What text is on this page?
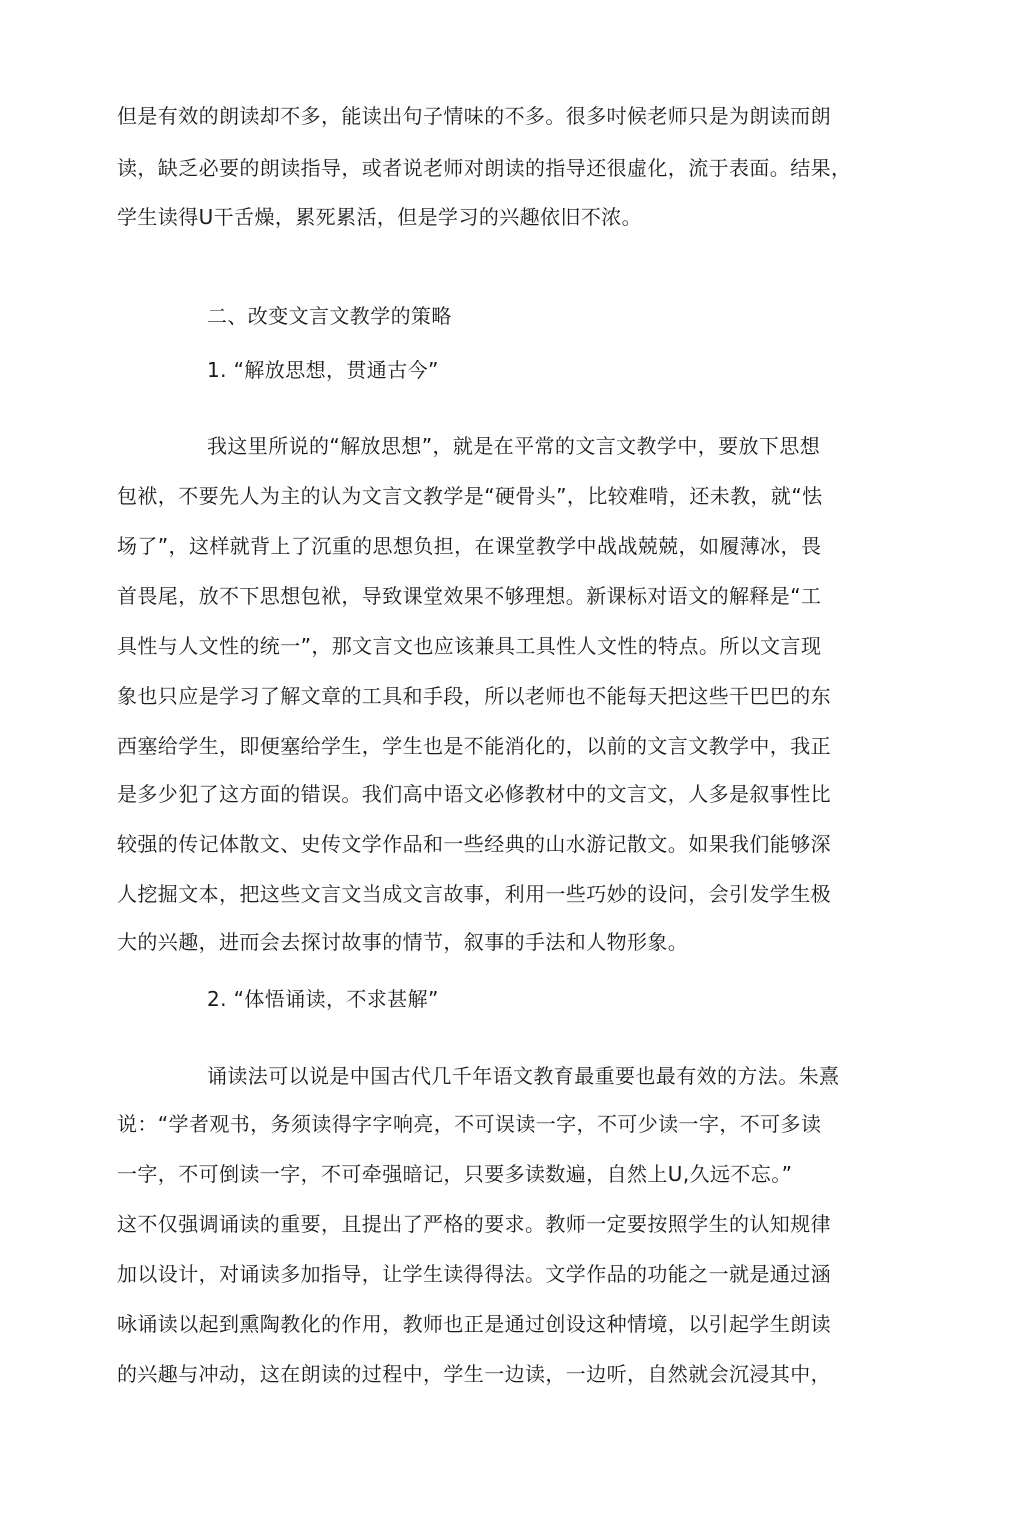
但是有效的朗读却不多，能读出句子情味的不多。很多吋候老师只是为朗读而朗
读，缺乏必要的朗读指导，或者说老师对朗读的指导还很虛化，流于表面。结果，
学生读得U干舌燥，累死累活，但是学习的兴趣依旧不浓。
二、改变文言文教学的策略
1. “解放思想，贯通古今”
我这里所说的“解放思想”，就是在平常的文言文教学中，要放下思想
包袱，不要先人为主的认为文言文教学是“硬骨头”，比较难啃，还未教，就“怯
场了”，这样就背上了沉重的思想负担，在课堂教学中战战兢兢，如履薄冰，畏
首畏尾，放不下思想包袱，导致课堂效果不够理想。新课标对语文的解释是“工
具性与人文性的统一”，那文言文也应该兼具工具性人文性的特点。所以文言现
象也只应是学习了解文章的工具和手段，所以老师也不能每天把这些干巴巴的东
西塞给学生，即便塞给学生，学生也是不能消化的，以前的文言文教学中，我正
是多少犯了这方面的错误。我们高中语文必修教材中的文言文，人多是叙事性比
较强的传记体散文、史传文学作品和一些经典的山水游记散文。如果我们能够深
人挖掘文本，把这些文言文当成文言故事，利用一些巧妙的设问，会引发学生极
大的兴趣，进而会去探讨故事的情节，叙事的手法和人物形象。
2. “体悟诵读，不求甚解”
诵读法可以说是中国古代几千年语文教育最重要也最有效的方法。朱熹
说：“学者观书，务须读得字字响亮，不可误读一字，不可少读一字，不可多读
一字，不可倒读一字，不可牵强暗记，只要多读数遍，自然上U,久远不忘。”
这不仅强调诵读的重要，且提出了严格的要求。教师一定要按照学生的认知规律
加以设计，对诵读多加指导，让学生读得得法。文学作品的功能之一就是通过涵
咏诵读以起到熏陶教化的作用，教师也正是通过创设这种情境，以引起学生朗读
的兴趣与冲动，这在朗读的过程中，学生一边读，一边听，自然就会沉浸其中，
